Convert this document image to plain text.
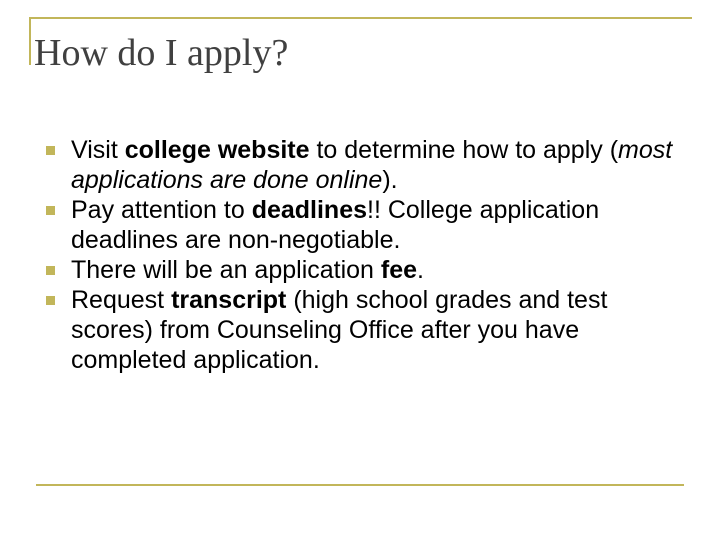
How do I apply?
Visit college website to determine how to apply (most applications are done online).
Pay attention to deadlines!! College application deadlines are non-negotiable.
There will be an application fee.
Request transcript (high school grades and test scores) from Counseling Office after you have completed application.
